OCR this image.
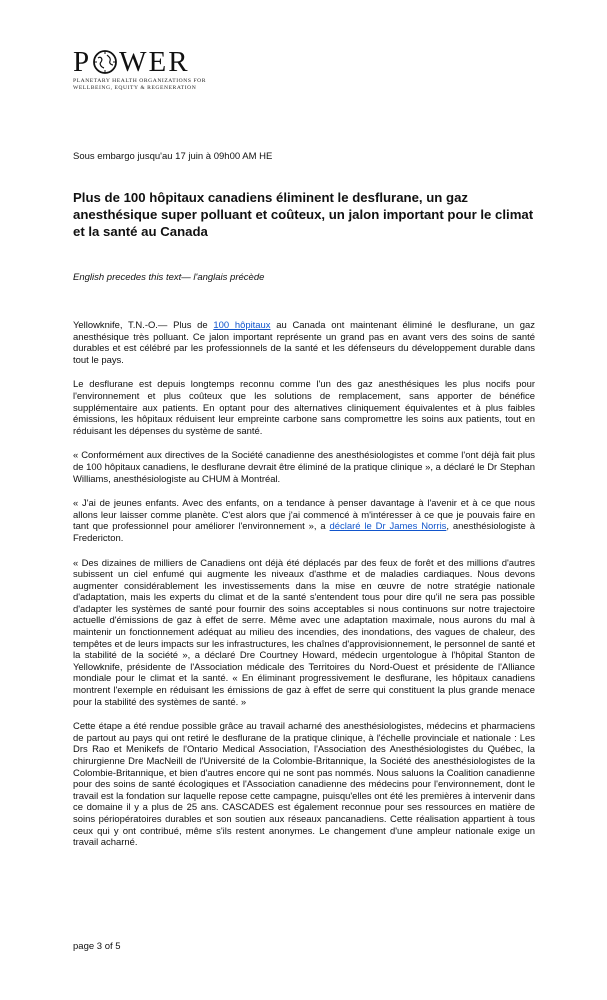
P WER
PLANETARY HEALTH ORGANIZATIONS FOR
WELLBEING, EQUITY & REGENERATION
Sous embargo jusqu'au 17 juin à 09h00 AM HE
Plus de 100 hôpitaux canadiens éliminent le desflurane, un gaz anesthésique super polluant et coûteux, un jalon important pour le climat et la santé au Canada
English precedes this text— l'anglais précède

Yellowknife, T.N.-O.— Plus de 100 hôpitaux au Canada ont maintenant éliminé le desflurane, un gaz anesthésique très polluant. Ce jalon important représente un grand pas en avant vers des soins de santé durables et est célébré par les professionnels de la santé et les défenseurs du développement durable dans tout le pays.

Le desflurane est depuis longtemps reconnu comme l'un des gaz anesthésiques les plus nocifs pour l'environnement et plus coûteux que les solutions de remplacement, sans apporter de bénéfice supplémentaire aux patients. En optant pour des alternatives cliniquement équivalentes et à plus faibles émissions, les hôpitaux réduisent leur empreinte carbone sans compromettre les soins aux patients, tout en réduisant les dépenses du système de santé.

« Conformément aux directives de la Société canadienne des anesthésiologistes et comme l'ont déjà fait plus de 100 hôpitaux canadiens, le desflurane devrait être éliminé de la pratique clinique », a déclaré le Dr Stephan Williams, anesthésiologiste au CHUM à Montréal.

« J'ai de jeunes enfants. Avec des enfants, on a tendance à penser davantage à l'avenir et à ce que nous allons leur laisser comme planète. C'est alors que j'ai commencé à m'intéresser à ce que je pouvais faire en tant que professionnel pour améliorer l'environnement », a déclaré le Dr James Norris, anesthésiologiste à Fredericton.

« Des dizaines de milliers de Canadiens ont déjà été déplacés par des feux de forêt et des millions d'autres subissent un ciel enfumé qui augmente les niveaux d'asthme et de maladies cardiaques. Nous devons augmenter considérablement les investissements dans la mise en œuvre de notre stratégie nationale d'adaptation, mais les experts du climat et de la santé s'entendent tous pour dire qu'il ne sera pas possible d'adapter les systèmes de santé pour fournir des soins acceptables si nous continuons sur notre trajectoire actuelle d'émissions de gaz à effet de serre. Même avec une adaptation maximale, nous aurons du mal à maintenir un fonctionnement adéquat au milieu des incendies, des inondations, des vagues de chaleur, des tempêtes et de leurs impacts sur les infrastructures, les chaînes d'approvisionnement, le personnel de santé et la stabilité de la société », a déclaré Dre Courtney Howard, médecin urgentologue à l'hôpital Stanton de Yellowknife, présidente de l'Association médicale des Territoires du Nord-Ouest et présidente de l'Alliance mondiale pour le climat et la santé. « En éliminant progressivement le desflurane, les hôpitaux canadiens montrent l'exemple en réduisant les émissions de gaz à effet de serre qui constituent la plus grande menace pour la stabilité des systèmes de santé. »

Cette étape a été rendue possible grâce au travail acharné des anesthésiologistes, médecins et pharmaciens de partout au pays qui ont retiré le desflurane de la pratique clinique, à l'échelle provinciale et nationale : Les Drs Rao et Menikefs de l'Ontario Medical Association, l'Association des Anesthésiologistes du Québec, la chirurgienne Dre MacNeill de l'Université de la Colombie-Britannique, la Société des anesthésiologistes de la Colombie-Britannique, et bien d'autres encore qui ne sont pas nommés. Nous saluons la Coalition canadienne pour des soins de santé écologiques et l'Association canadienne des médecins pour l'environnement, dont le travail est la fondation sur laquelle repose cette campagne, puisqu'elles ont été les premières à intervenir dans ce domaine il y a plus de 25 ans. CASCADES est également reconnue pour ses ressources en matière de soins périopératoires durables et son soutien aux réseaux pancanadiens. Cette réalisation appartient à tous ceux qui y ont contribué, même s'ils restent anonymes. Le changement d'une ampleur nationale exige un travail acharné.

page 3 of 5
